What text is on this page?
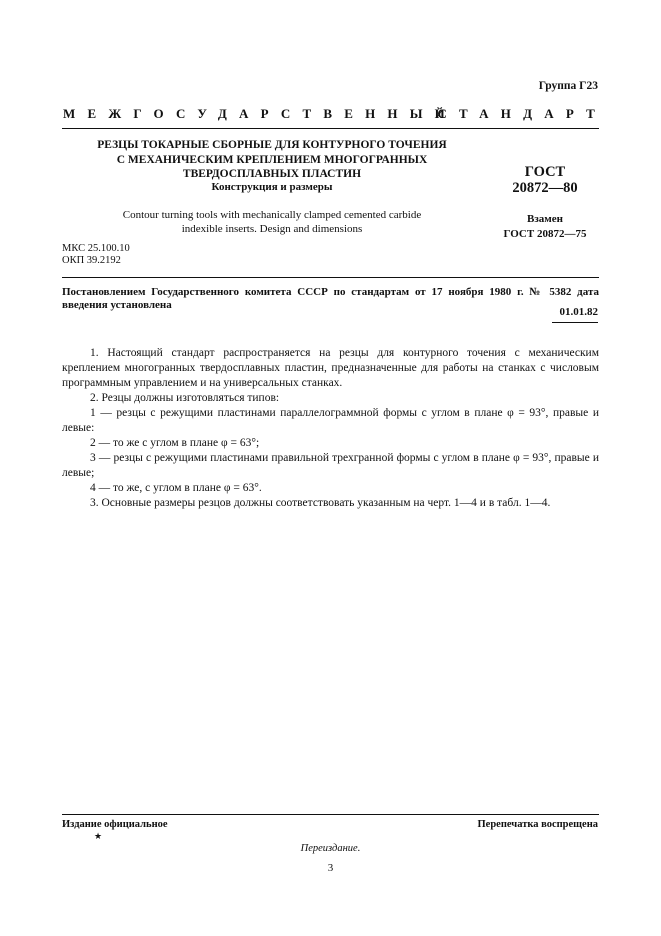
Группа Г23
МЕЖГОСУДАРСТВЕННЫЙ
СТАНДАРТ
РЕЗЦЫ ТОКАРНЫЕ СБОРНЫЕ ДЛЯ КОНТУРНОГО ТОЧЕНИЯ
С МЕХАНИЧЕСКИМ КРЕПЛЕНИЕМ МНОГОГРАННЫХ
ТВЕРДОСПЛАВНЫХ ПЛАСТИН
Конструкция и размеры
Contour turning tools with mechanically clamped cemented carbide
indexible inserts. Design and dimensions
ГОСТ
20872—80
Взамен
ГОСТ 20872—75
МКС 25.100.10
ОКП 39.2192
Постановлением Государственного комитета СССР по стандартам от 17 ноября 1980 г. № 5382 дата введения установлена
01.01.82

1. Настоящий стандарт распространяется на резцы для контурного точения с механическим креплением многогранных твердосплавных пластин, предназначенные для работы на станках с числовым программным управлением и на универсальных станках.

2. Резцы должны изготовляться типов:

1 — резцы с режущими пластинами параллелограммной формы с углом в плане φ = 93°, правые и левые:

2 — то же с углом в плане φ = 63°;

3 — резцы с режущими пластинами правильной трехгранной формы с углом в плане φ = 93°, правые и левые;

4 — то же, с углом в плане φ = 63°.

3. Основные размеры резцов должны соответствовать указанным на черт. 1—4 и в табл. 1—4.

Издание официальное
★
Перепечатка воспрещена
Переиздание.
3
